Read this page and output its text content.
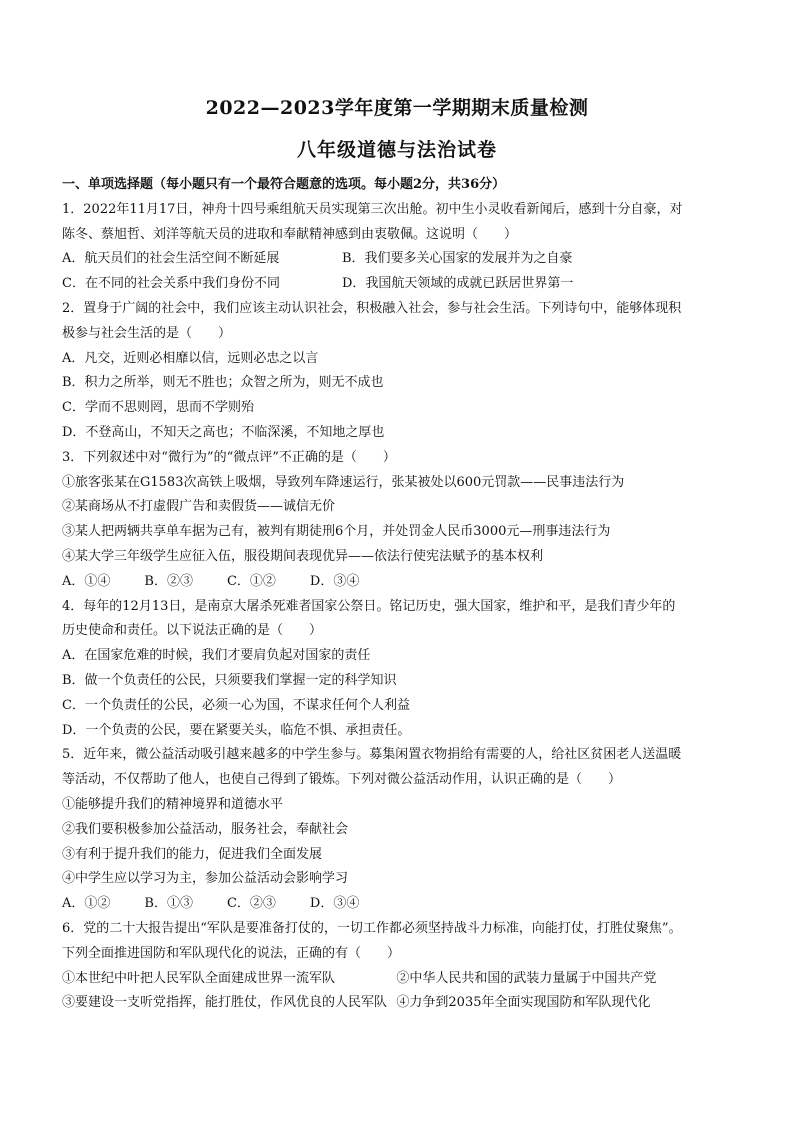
2022—2023学年度第一学期期末质量检测
八年级道德与法治试卷
一、单项选择题（每小题只有一个最符合题意的选项。每小题2分，共36分）
1．2022年11月17日，神舟十四号乘组航天员实现第三次出舱。初中生小灵收看新闻后，感到十分自豪，对
陈冬、蔡旭哲、刘洋等航天员的进取和奉献精神感到由衷敬佩。这说明（　　）
A．航天员们的社会生活空间不断延展	B．我们要多关心国家的发展并为之自豪
C．在不同的社会关系中我们身份不同	D．我国航天领域的成就已跃居世界第一
2．置身于广阔的社会中，我们应该主动认识社会，积极融入社会，参与社会生活。下列诗句中，能够体现积
极参与社会生活的是（　　）
A．凡交，近则必相靡以信，远则必忠之以言
B．积力之所举，则无不胜也；众智之所为，则无不成也
C．学而不思则罔，思而不学则殆
D．不登高山，不知天之高也；不临深溪，不知地之厚也
3．下列叙述中对“微行为”的“微点评”不正确的是（　　）
①旅客张某在G1583次高铁上吸烟，导致列车降速运行，张某被处以600元罚款——民事违法行为
②某商场从不打虚假广告和卖假货——诚信无价
③某人把两辆共享单车据为己有，被判有期徒刑6个月，并处罚金人民币3000元—刑事违法行为
④某大学三年级学生应征入伍，服役期间表现优异——依法行使宪法赋予的基本权利
A．①④	B．②③	C．①②	D．③④
4．每年的12月13日，是南京大屠杀死难者国家公祭日。铭记历史，强大国家，维护和平，是我们青少年的
历史使命和责任。以下说法正确的是（　　）
A．在国家危难的时候，我们才要肩负起对国家的责任
B．做一个负责任的公民，只须要我们掌握一定的科学知识
C．一个负责任的公民，必须一心为国，不谋求任何个人利益
D．一个负责的公民，要在紧要关头，临危不惧、承担责任。
5．近年来，微公益活动吸引越来越多的中学生参与。募集闲置衣物捐给有需要的人，给社区贫困老人送温暖
等活动，不仅帮助了他人，也使自己得到了锻炼。下列对微公益活动作用，认识正确的是（　　）
①能够提升我们的精神境界和道德水平
②我们要积极参加公益活动，服务社会，奉献社会
③有利于提升我们的能力，促进我们全面发展
④中学生应以学习为主，参加公益活动会影响学习
A．①②	B．①③	C．②③	D．③④
6．党的二十大报告提出“军队是要准备打仗的，一切工作都必须坚持战斗力标准，向能打仗，打胜仗聚焦”。
下列全面推进国防和军队现代化的说法，正确的有（　　）
①本世纪中叶把人民军队全面建成世界一流军队	②中华人民共和国的武装力量属于中国共产党
③要建设一支听党指挥，能打胜仗，作风优良的人民军队 ④力争到2035年全面实现国防和军队现代化
